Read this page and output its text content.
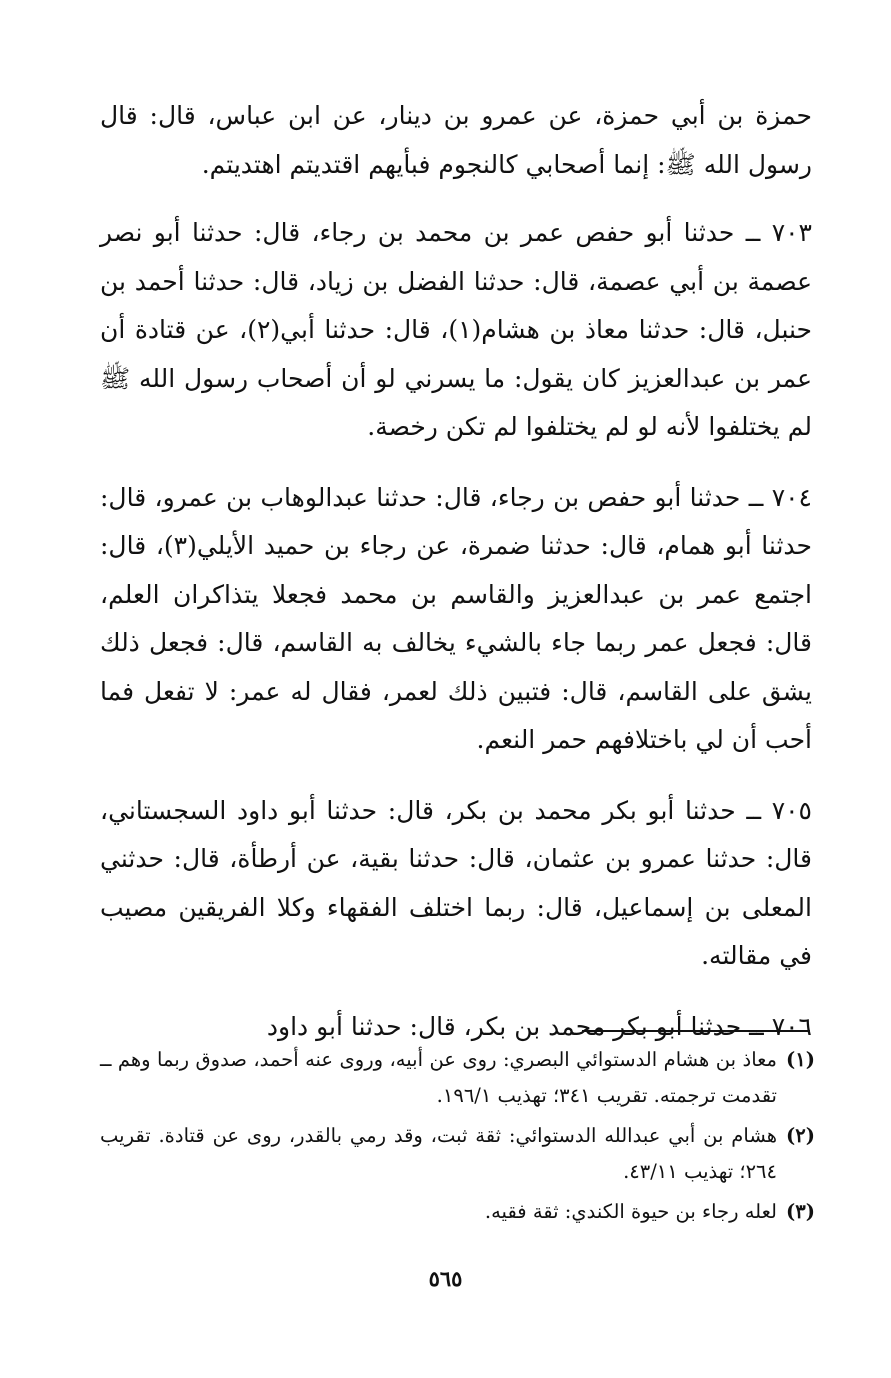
حمزة بن أبي حمزة، عن عمرو بن دينار، عن ابن عباس، قال: قال رسول الله ﷺ: إنما أصحابي كالنجوم فبأيهم اقتديتم اهتديتم.

٧٠٣ ــ حدثنا أبو حفص عمر بن محمد بن رجاء، قال: حدثنا أبو نصر عصمة بن أبي عصمة، قال: حدثنا الفضل بن زياد، قال: حدثنا أحمد بن حنبل، قال: حدثنا معاذ بن هشام(١)، قال: حدثنا أبي(٢)، عن قتادة أن عمر بن عبدالعزيز كان يقول: ما يسرني لو أن أصحاب رسول الله ﷺ لم يختلفوا لأنه لو لم يختلفوا لم تكن رخصة.

٧٠٤ ــ حدثنا أبو حفص بن رجاء، قال: حدثنا عبدالوهاب بن عمرو، قال: حدثنا أبو همام، قال: حدثنا ضمرة، عن رجاء بن حميد الأيلي(٣)، قال: اجتمع عمر بن عبدالعزيز والقاسم بن محمد فجعلا يتذاكران العلم، قال: فجعل عمر ربما جاء بالشيء يخالف به القاسم، قال: فجعل ذلك يشق على القاسم، قال: فتبين ذلك لعمر، فقال له عمر: لا تفعل فما أحب أن لي باختلافهم حمر النعم.

٧٠٥ ــ حدثنا أبو بكر محمد بن بكر، قال: حدثنا أبو داود السجستاني، قال: حدثنا عمرو بن عثمان، قال: حدثنا بقية، عن أرطأة، قال: حدثني المعلى بن إسماعيل، قال: ربما اختلف الفقهاء وكلا الفريقين مصيب في مقالته.

٧٠٦ ــ حدثنا أبو بكر محمد بن بكر، قال: حدثنا أبو داود

(١)
معاذ بن هشام الدستوائي البصري: روى عن أبيه، وروى عنه أحمد، صدوق ربما وهم ــ تقدمت ترجمته. تقريب ٣٤١؛ تهذيب ١٩٦/١.
(٢)
هشام بن أبي عبدالله الدستوائي: ثقة ثبت، وقد رمي بالقدر، روى عن قتادة. تقريب ٢٦٤؛ تهذيب ٤٣/١١.
(٣)
لعله رجاء بن حيوة الكندي: ثقة فقيه.
٥٦٥
